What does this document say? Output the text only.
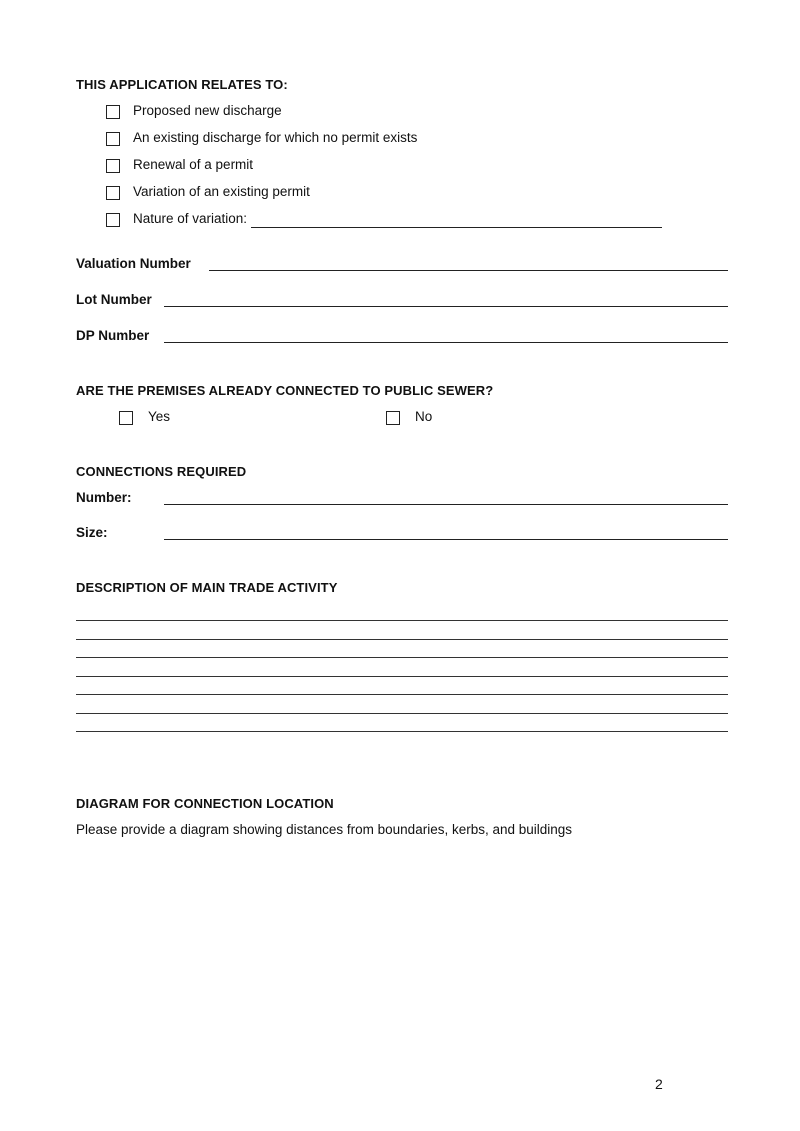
THIS APPLICATION RELATES TO:
Proposed new discharge
An existing discharge for which no permit exists
Renewal of a permit
Variation of an existing permit
Nature of variation:
Valuation Number
Lot Number
DP Number
ARE THE PREMISES ALREADY CONNECTED TO PUBLIC SEWER?
Yes	No
CONNECTIONS REQUIRED
Number:
Size:
DESCRIPTION OF MAIN TRADE ACTIVITY
DIAGRAM FOR CONNECTION LOCATION
Please provide a diagram showing distances from boundaries, kerbs, and buildings
2
